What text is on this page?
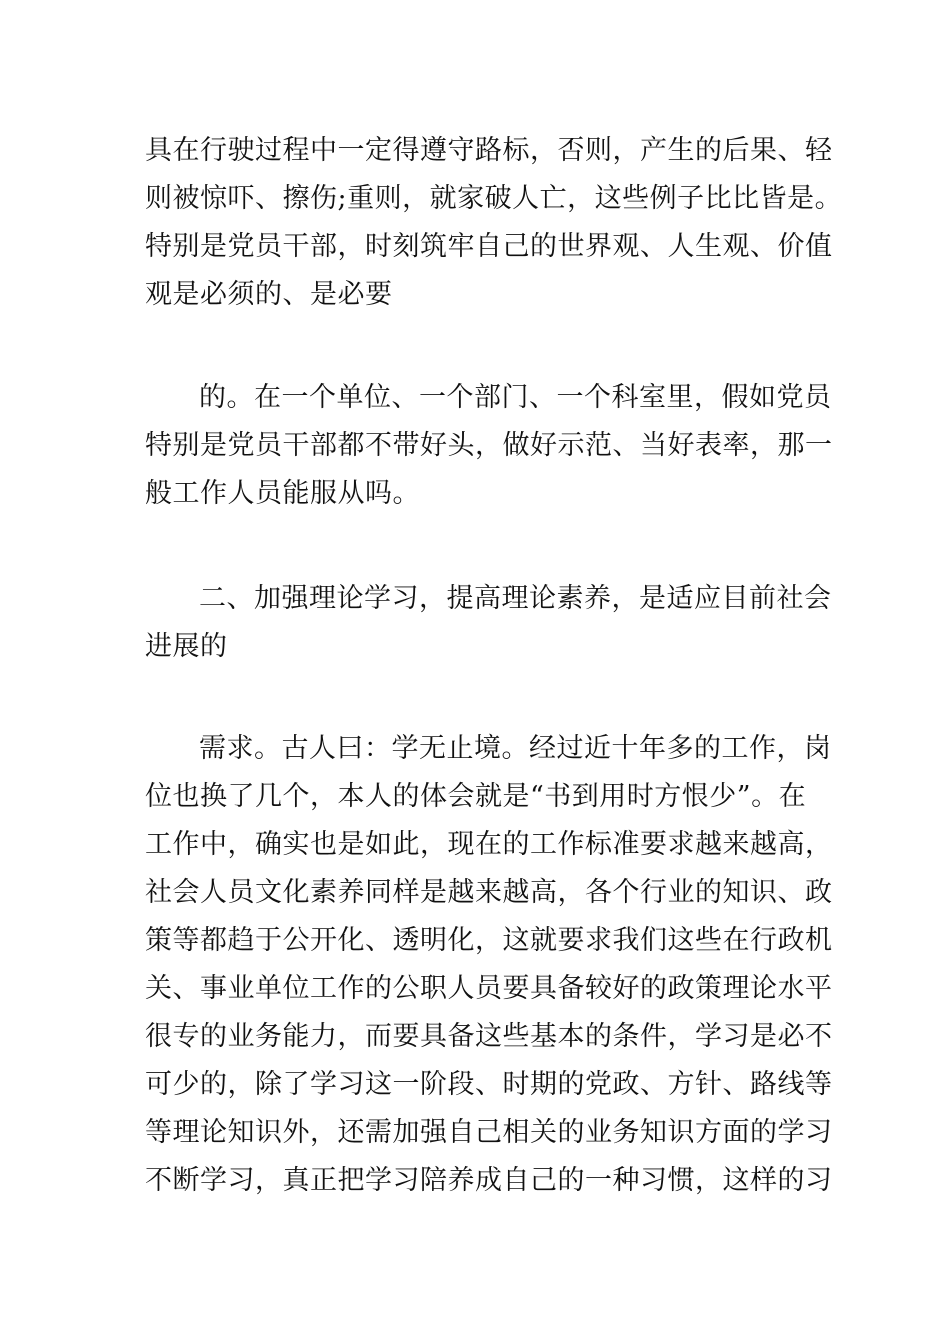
具在行驶过程中一定得遵守路标，否则，产生的后果、轻
则被惊吓、擦伤;重则，就家破人亡，这些例子比比皆是。
特别是党员干部，时刻筑牢自己的世界观、人生观、价值
观是必须的、是必要
的。在一个单位、一个部门、一个科室里，假如党员
特别是党员干部都不带好头，做好示范、当好表率，那一
般工作人员能服从吗。
二、加强理论学习，提高理论素养，是适应目前社会
进展的
需求。古人曰：学无止境。经过近十年多的工作，岗
位也换了几个，本人的体会就是“书到用时方恨少”。在
工作中，确实也是如此，现在的工作标准要求越来越高，
社会人员文化素养同样是越来越高，各个行业的知识、政
策等都趋于公开化、透明化，这就要求我们这些在行政机
关、事业单位工作的公职人员要具备较好的政策理论水平
很专的业务能力，而要具备这些基本的条件，学习是必不
可少的，除了学习这一阶段、时期的党政、方针、路线等
等理论知识外，还需加强自己相关的业务知识方面的学习
不断学习，真正把学习陪养成自己的一种习惯，这样的习
